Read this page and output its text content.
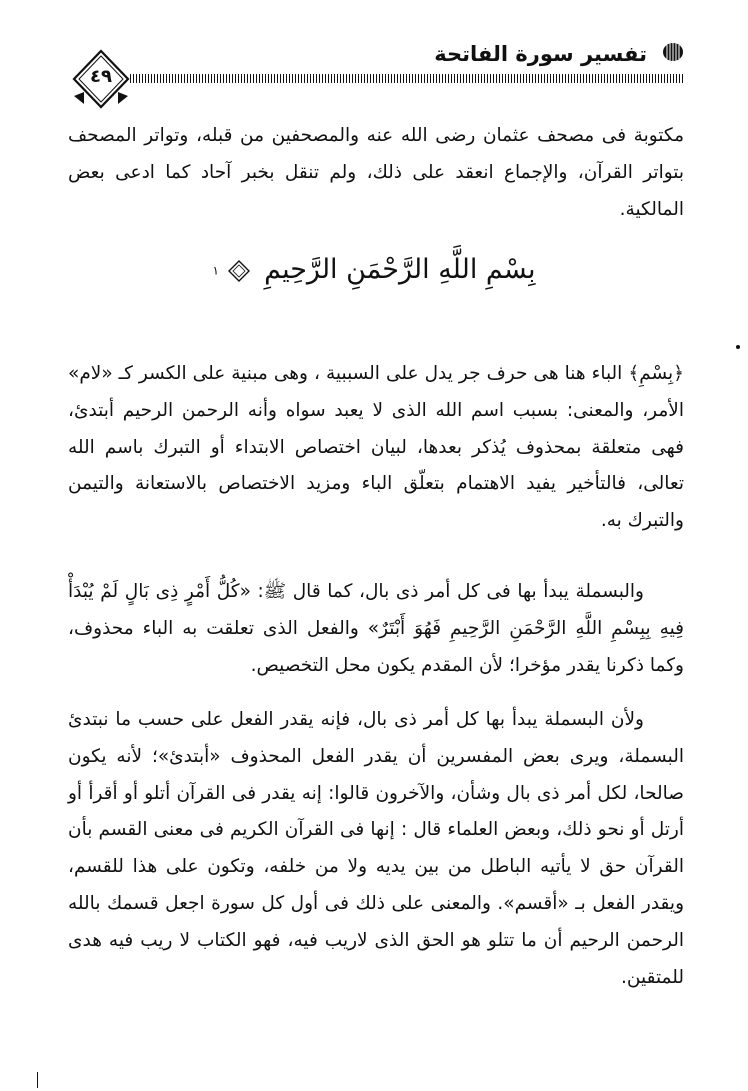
تفسير سورة الفاتحة
٤٩
مكتوبة فى مصحف عثمان رضى الله عنه والمصحفين من قبله، وتواتر المصحف بتواتر القرآن، والإجماع انعقد على ذلك، ولم تنقل بخبر آحاد كما ادعى بعض المالكية.
بِسْمِ اللَّهِ الرَّحْمَنِ الرَّحِيمِ  ١
﴿بِسْمِ﴾ الباء هنا هى حرف جر يدل على السببية ، وهى مبنية على الكسر كـ «لام» الأمر، والمعنى: بسبب اسم الله الذى لا يعبد سواه وأنه الرحمن الرحيم أبتدئ، فهى متعلقة بمحذوف يُذكر بعدها، لبيان اختصاص الابتداء أو التبرك باسم الله تعالى، فالتأخير يفيد الاهتمام بتعلّق الباء ومزيد الاختصاص بالاستعانة والتيمن والتبرك به.
والبسملة يبدأ بها فى كل أمر ذى بال، كما قال ﷺ: «كُلُّ أَمْرٍ ذِى بَالٍ لَمْ يُبْدَأْ فِيهِ بِبِسْمِ اللَّهِ الرَّحْمَنِ الرَّحِيمِ فَهُوَ أَبْتَرٌ» والفعل الذى تعلقت به الباء محذوف، وكما ذكرنا يقدر مؤخرا؛ لأن المقدم يكون محل التخصيص.
ولأن البسملة يبدأ بها كل أمر ذى بال، فإنه يقدر الفعل على حسب ما نبتدئ البسملة، ويرى بعض المفسرين أن يقدر الفعل المحذوف «أبتدئ»؛ لأنه يكون صالحا، لكل أمر ذى بال وشأن، والآخرون قالوا: إنه يقدر فى القرآن أتلو أو أقرأ أو أرتل أو نحو ذلك، وبعض العلماء قال : إنها فى القرآن الكريم فى معنى القسم بأن القرآن حق لا يأتيه الباطل من بين يديه ولا من خلفه، وتكون على هذا للقسم، ويقدر الفعل بـ «أقسم». والمعنى على ذلك فى أول كل سورة اجعل قسمك بالله الرحمن الرحيم أن ما تتلو هو الحق الذى لاريب فيه، فهو الكتاب لا ريب فيه هدى للمتقين.
